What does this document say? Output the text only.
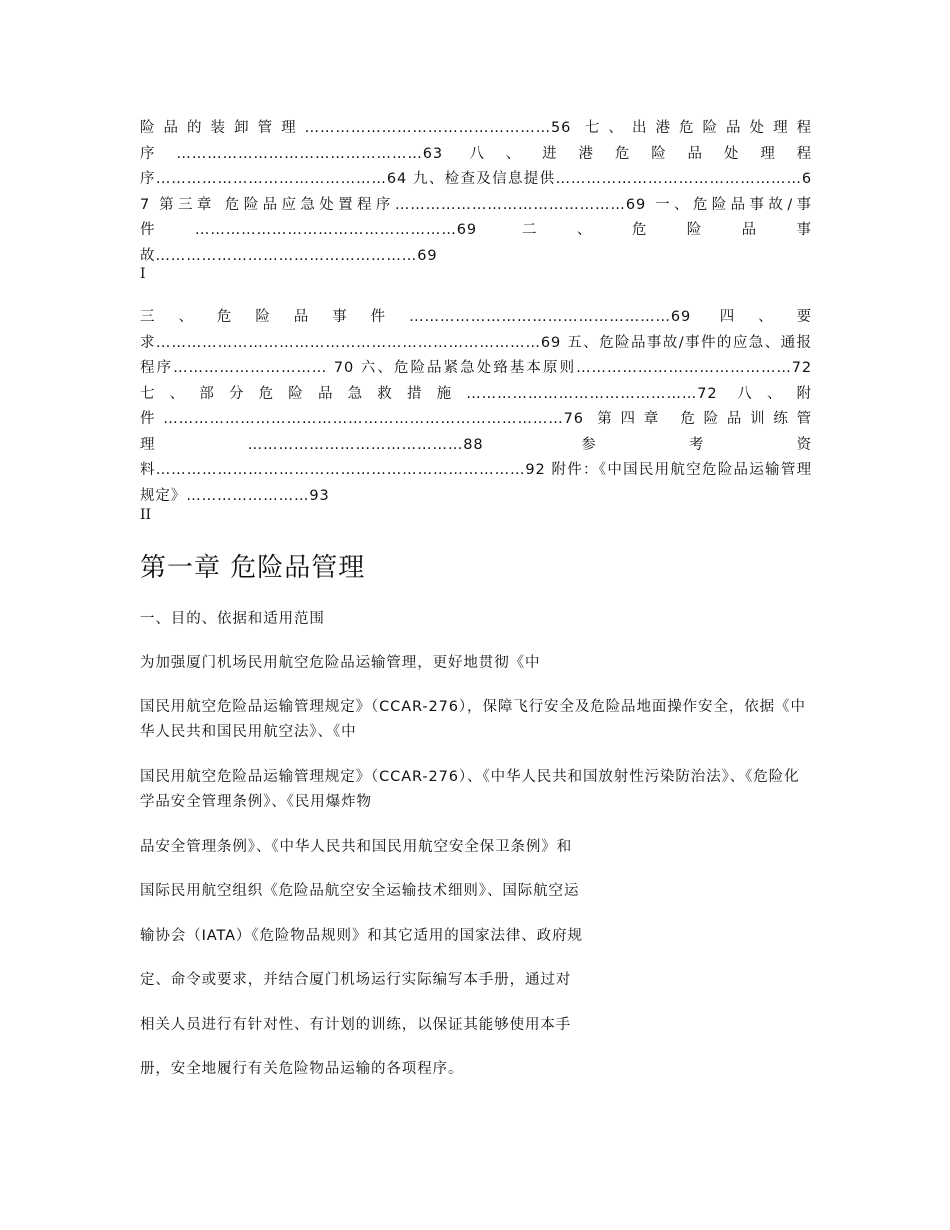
险品的装卸管理…………………………………………56 七、出港危险品处理程序…………………………………………63 八、进港危险品处理程序………………………………………64 九、检查及信息提供…………………………………………67 第三章 危险品应急处置程序………………………………………69 一、危险品事故/事件……………………………………………69 二、危险品事故……………………………………………69
I
三、危险品事件……………………………………………69 四、要求…………………………………………………………………69 五、危险品事故/事件的应急、通报程序………………………… 70 六、危险品紧急处臵基本原则……………………………………72 七、部分危险品急救措施………………………………………72 八、附件……………………………………………………………………76 第四章 危险品训练管理……………………………………88 参考资料………………………………………………………………92 附件：《中国民用航空危险品运输管理规定》……………………93
II
第一章 危险品管理
一、目的、依据和适用范围
为加强厦门机场民用航空危险品运输管理，更好地贯彻《中
国民用航空危险品运输管理规定》（CCAR-276），保障飞行安全及危险品地面操作安全，依据《中华人民共和国民用航空法》、《中
国民用航空危险品运输管理规定》（CCAR-276）、《中华人民共和国放射性污染防治法》、《危险化学品安全管理条例》、《民用爆炸物
品安全管理条例》、《中华人民共和国民用航空安全保卫条例》和
国际民用航空组织《危险品航空安全运输技术细则》、国际航空运
输协会（IATA）《危险物品规则》和其它适用的国家法律、政府规
定、命令或要求，并结合厦门机场运行实际编写本手册，通过对
相关人员进行有针对性、有计划的训练，以保证其能够使用本手
册，安全地履行有关危险物品运输的各项程序。
